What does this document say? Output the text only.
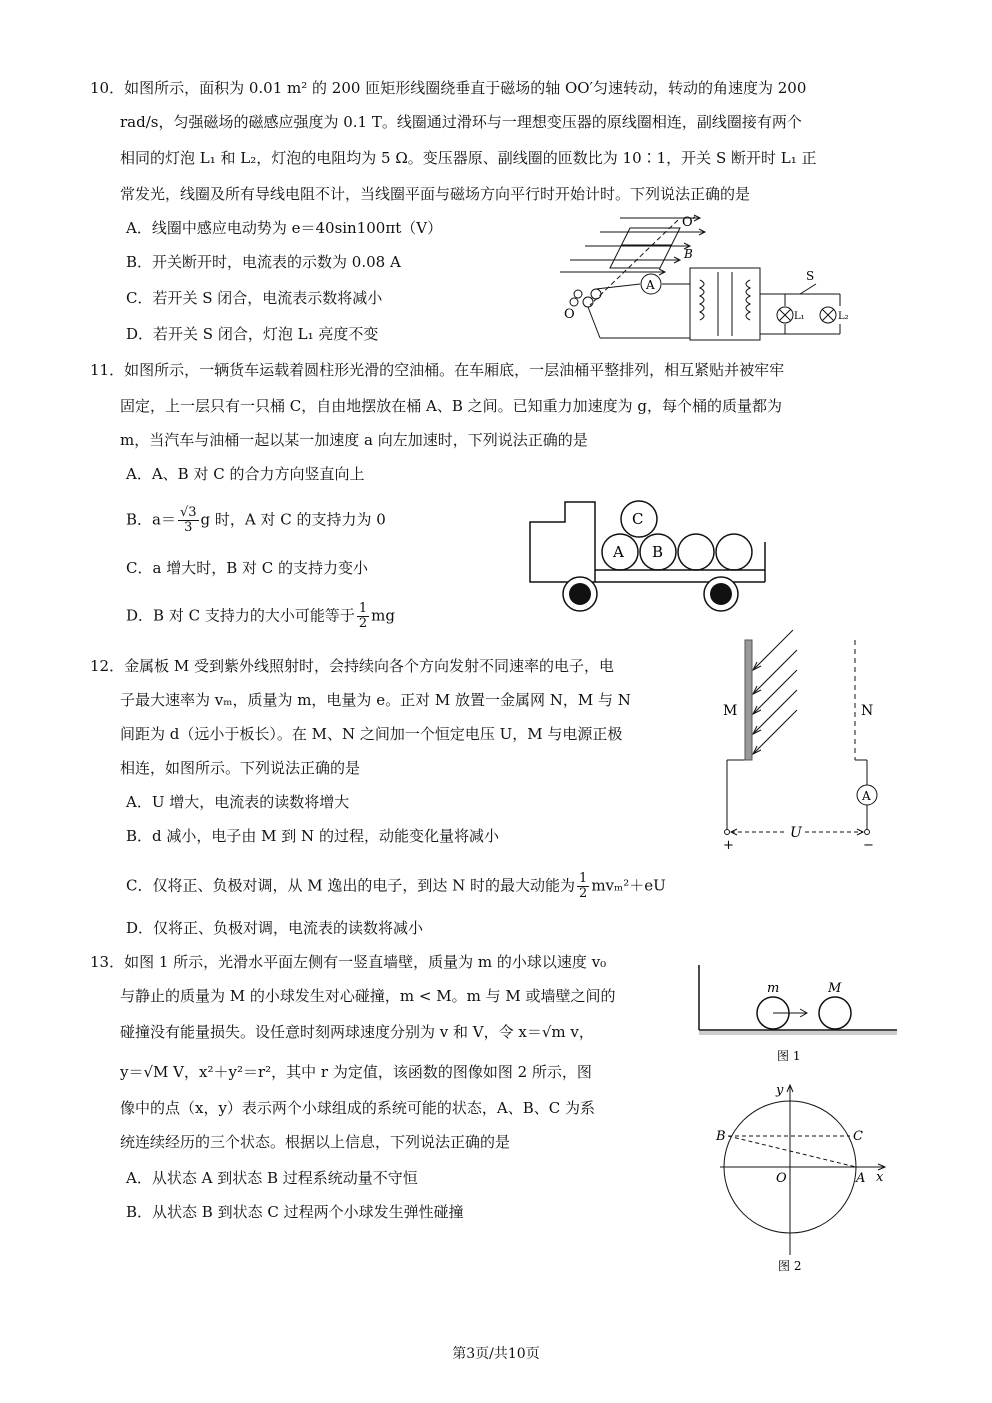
10．如图所示，面积为 0.01 m² 的 200 匝矩形线圈绕垂直于磁场的轴 OO′匀速转动，转动的角速度为 200
rad/s，匀强磁场的磁感应强度为 0.1 T。线圈通过滑环与一理想变压器的原线圈相连，副线圈接有两个
相同的灯泡 L₁ 和 L₂，灯泡的电阻均为 5 Ω。变压器原、副线圈的匝数比为 10∶1，开关 S 断开时 L₁ 正
常发光，线圈及所有导线电阻不计，当线圈平面与磁场方向平行时开始计时。下列说法正确的是
A．线圈中感应电动势为 e＝40sin100πt（V）
B．开关断开时，电流表的示数为 0.08 A
C．若开关 S 闭合，电流表示数将减小
D．若开关 S 闭合，灯泡 L₁ 亮度不变
O′
B
O
A
S
L₁	L₂
11．如图所示，一辆货车运载着圆柱形光滑的空油桶。在车厢底，一层油桶平整排列，相互紧贴并被牢牢
固定，上一层只有一只桶 C，自由地摆放在桶 A、B 之间。已知重力加速度为 g，每个桶的质量都为
m，当汽车与油桶一起以某一加速度 a 向左加速时，下列说法正确的是
A．A、B 对 C 的合力方向竖直向上
B．$a= \frac{√3}{3}$ g 时，A 对 C 的支持力为 0
C．a 增大时，B 对 C 的支持力变小
D．B 对 C 支持力的大小可能等于 $\frac{1}{2}$ mg
A B
C
12．金属板 M 受到紫外线照射时，会持续向各个方向发射不同速率的电子，电
子最大速率为 vₘ，质量为 m，电量为 e。正对 M 放置一金属网 N，M 与 N
间距为 d（远小于板长）。在 M、N 之间加一个恒定电压 U，M 与电源正极
相连，如图所示。下列说法正确的是
A．U 增大，电流表的读数将增大
B．d 减小，电子由 M 到 N 的过程，动能变化量将减小
C．仅将正、负极对调，从 M 逸出的电子，到达 N 时的最大动能为 $\frac{1}{2} mv_m^2+eU$
D．仅将正、负极对调，电流表的读数将减小
M	N
A
U
+	−
13．如图 1 所示，光滑水平面左侧有一竖直墙壁，质量为 m 的小球以速度 v₀
与静止的质量为 M 的小球发生对心碰撞，m < M。m 与 M 或墙壁之间的
碰撞没有能量损失。设任意时刻两球速度分别为 v 和 V，令 x＝√m v，
y＝√M V，x²＋y²＝r²，其中 r 为定值，该函数的图像如图 2 所示，图
像中的点（x，y）表示两个小球组成的系统可能的状态，A、B、C 为系
统连续经历的三个状态。根据以上信息，下列说法正确的是
A．从状态 A 到状态 B 过程系统动量不守恒
B．从状态 B 到状态 C 过程两个小球发生弹性碰撞
m	M
图 1
y
x
O	A
B	C
图 2
第3页/共10页
